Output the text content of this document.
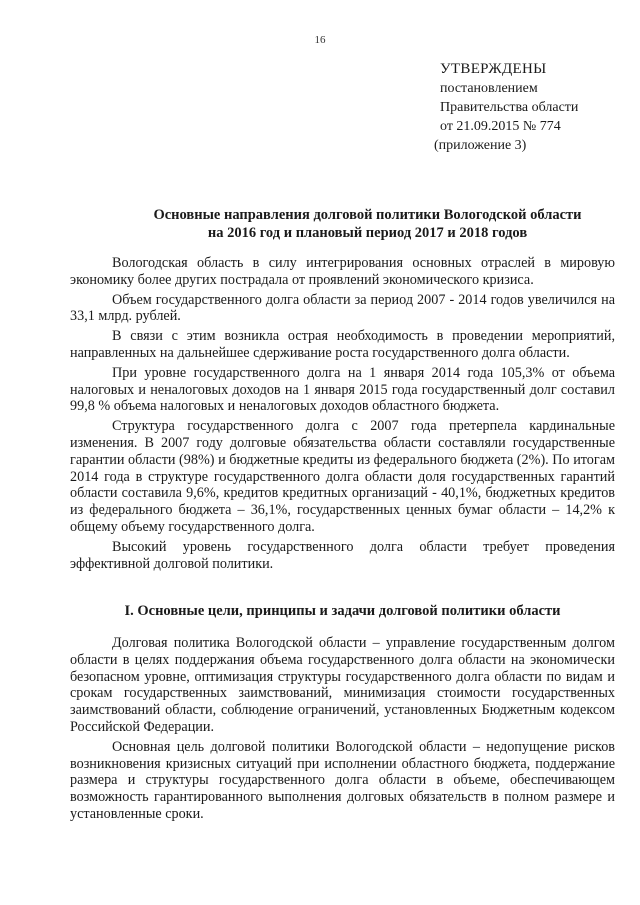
16
УТВЕРЖДЕНЫ
постановлением
Правительства области
от 21.09.2015 № 774
(приложение 3)
Основные направления долговой политики Вологодской области
на 2016 год и плановый период 2017 и 2018 годов

Вологодская область в силу интегрирования основных отраслей в мировую экономику более других пострадала от проявлений экономического кризиса.

Объем государственного долга области за период 2007 - 2014 годов увеличился на 33,1 млрд. рублей.

В связи с этим возникла острая необходимость в проведении мероприятий, направленных на дальнейшее сдерживание роста государственного долга области.

При уровне государственного долга на 1 января 2014 года 105,3% от объема налоговых и неналоговых доходов на 1 января 2015 года государственный долг составил 99,8 % объема налоговых и неналоговых доходов областного бюджета.

Структура государственного долга с 2007 года претерпела кардинальные изменения. В 2007 году долговые обязательства области составляли государственные гарантии области (98%) и бюджетные кредиты из федерального бюджета (2%). По итогам 2014 года в структуре государственного долга области доля государственных гарантий области составила 9,6%, кредитов кредитных организаций - 40,1%, бюджетных кредитов из федерального бюджета – 36,1%, государственных ценных бумаг области – 14,2% к общему объему государственного долга.

Высокий уровень государственного долга области требует проведения эффективной долговой политики.

I. Основные цели, принципы и задачи долговой политики области

Долговая политика Вологодской области – управление государственным долгом области в целях поддержания объема государственного долга области на экономически безопасном уровне, оптимизация структуры государственного долга области по видам и срокам государственных заимствований, минимизация стоимости государственных заимствований области, соблюдение ограничений, установленных Бюджетным кодексом Российской Федерации.

Основная цель долговой политики Вологодской области – недопущение рисков возникновения кризисных ситуаций при исполнении областного бюджета, поддержание размера и структуры государственного долга области в объеме, обеспечивающем возможность гарантированного выполнения долговых обязательств в полном размере и установленные сроки.
